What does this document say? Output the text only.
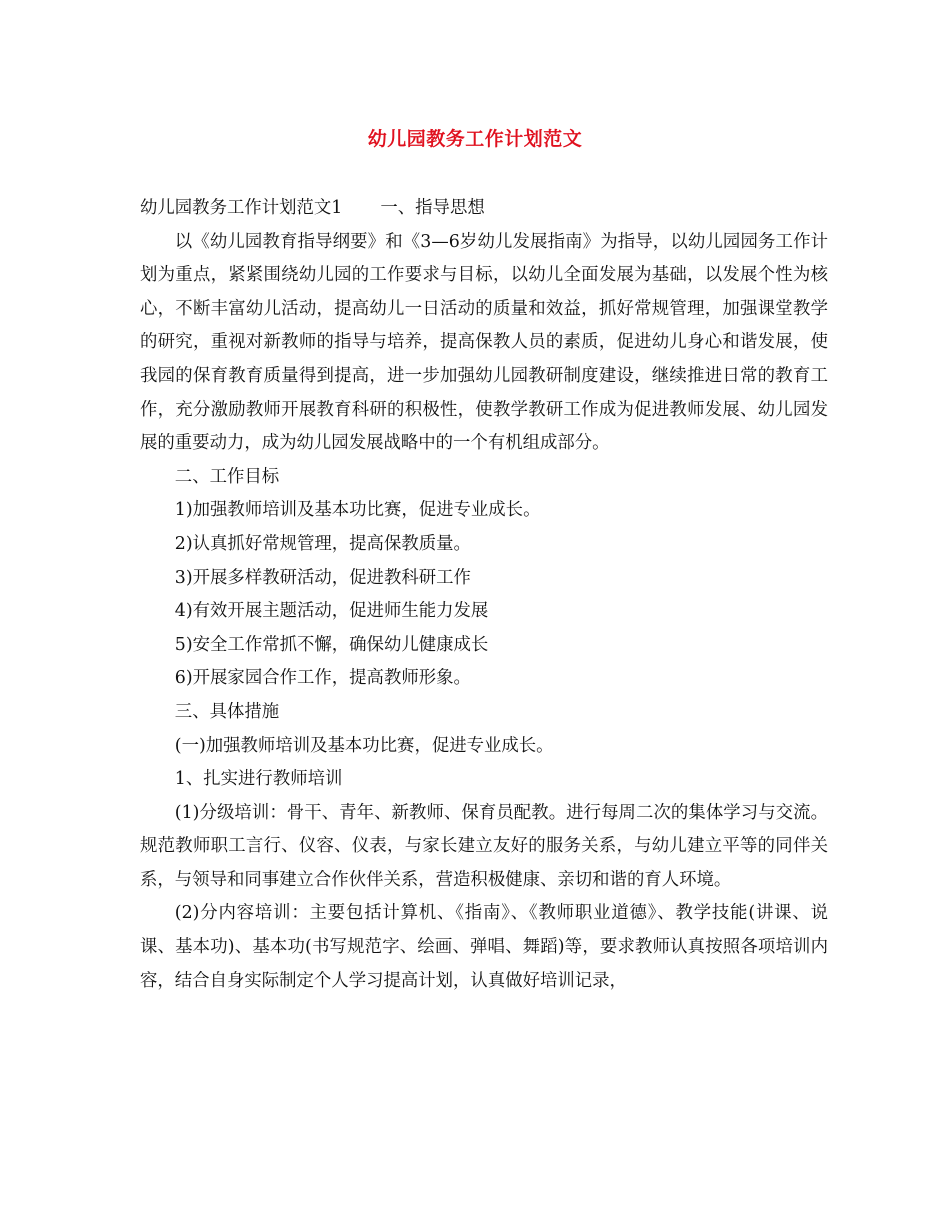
幼儿园教务工作计划范文

幼儿园教务工作计划范文1 一、指导思想

以《幼儿园教育指导纲要》和《3—6岁幼儿发展指南》为指导，以幼儿园园务工作计划为重点，紧紧围绕幼儿园的工作要求与目标，以幼儿全面发展为基础，以发展个性为核心，不断丰富幼儿活动，提高幼儿一日活动的质量和效益，抓好常规管理，加强课堂教学的研究，重视对新教师的指导与培养，提高保教人员的素质，促进幼儿身心和谐发展，使我园的保育教育质量得到提高，进一步加强幼儿园教研制度建设，继续推进日常的教育工作，充分激励教师开展教育科研的积极性，使教学教研工作成为促进教师发展、幼儿园发展的重要动力，成为幼儿园发展战略中的一个有机组成部分。

二、工作目标

1)加强教师培训及基本功比赛，促进专业成长。

2)认真抓好常规管理，提高保教质量。

3)开展多样教研活动，促进教科研工作

4)有效开展主题活动，促进师生能力发展

5)安全工作常抓不懈，确保幼儿健康成长

6)开展家园合作工作，提高教师形象。

三、具体措施

(一)加强教师培训及基本功比赛，促进专业成长。

1、扎实进行教师培训

(1)分级培训：骨干、青年、新教师、保育员配教。进行每周二次的集体学习与交流。规范教师职工言行、仪容、仪表，与家长建立友好的服务关系，与幼儿建立平等的同伴关系，与领导和同事建立合作伙伴关系，营造积极健康、亲切和谐的育人环境。

(2)分内容培训：主要包括计算机、《指南》、《教师职业道德》、教学技能(讲课、说课、基本功)、基本功(书写规范字、绘画、弹唱、舞蹈)等，要求教师认真按照各项培训内容，结合自身实际制定个人学习提高计划，认真做好培训记录，
